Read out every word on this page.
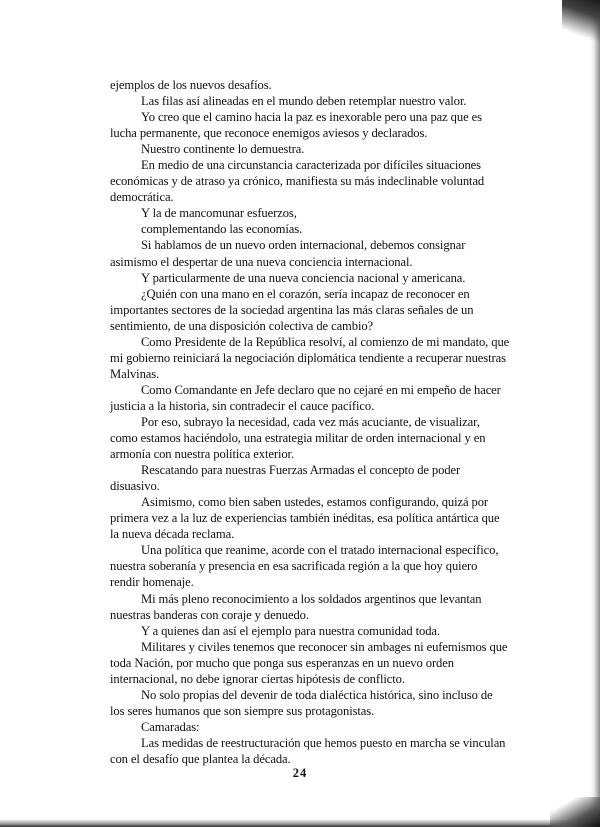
ejemplos de los nuevos desafíos.
Las filas así alineadas en el mundo deben retemplar nuestro valor.
Yo creo que el camino hacia la paz es inexorable pero una paz que es
lucha permanente, que reconoce enemigos aviesos y declarados.
Nuestro continente lo demuestra.
En medio de una circunstancia caracterizada por difíciles situaciones
económicas y de atraso ya crónico, manifiesta su más indeclinable voluntad
democrática.
Y la de mancomunar esfuerzos,
complementando las economías.
Si hablamos de un nuevo orden internacional, debemos consignar
asimismo el despertar de una nueva conciencia internacional.
Y particularmente de una nueva conciencia nacional y americana.
¿Quién con una mano en el corazón, sería incapaz de reconocer en
importantes sectores de la sociedad argentina las más claras señales de un
sentimiento, de una disposición colectiva de cambio?
Como Presidente de la República resolví, al comienzo de mi mandato, que
mi gobierno reiniciará la negociación diplomática tendiente a recuperar nuestras
Malvinas.
Como Comandante en Jefe declaro que no cejaré en mi empeño de hacer
justicia a la historia, sin contradecir el cauce pacífico.
Por eso, subrayo la necesidad, cada vez más acuciante, de visualizar,
como estamos haciéndolo, una estrategia militar de orden internacional y en
armonía con nuestra política exterior.
Rescatando para nuestras Fuerzas Armadas el concepto de poder
disuasivo.
Asimismo, como bien saben ustedes, estamos configurando, quizá por
primera vez a la luz de experiencias también inéditas, esa política antártica que
la nueva década reclama.
Una política que reanime, acorde con el tratado internacional específico,
nuestra soberanía y presencia en esa sacrificada región a la que hoy quiero
rendir homenaje.
Mi más pleno reconocimiento a los soldados argentinos que levantan
nuestras banderas con coraje y denuedo.
Y a quienes dan así el ejemplo para nuestra comunidad toda.
Militares y civiles tenemos que reconocer sin ambages ni eufemismos que
toda Nación, por mucho que ponga sus esperanzas en un nuevo orden
internacional, no debe ignorar ciertas hipótesis de conflicto.
No solo propias del devenir de toda dialéctica histórica, sino incluso de
los seres humanos que son siempre sus protagonistas.
Camaradas:
Las medidas de reestructuración que hemos puesto en marcha se vinculan
con el desafío que plantea la década.
24
